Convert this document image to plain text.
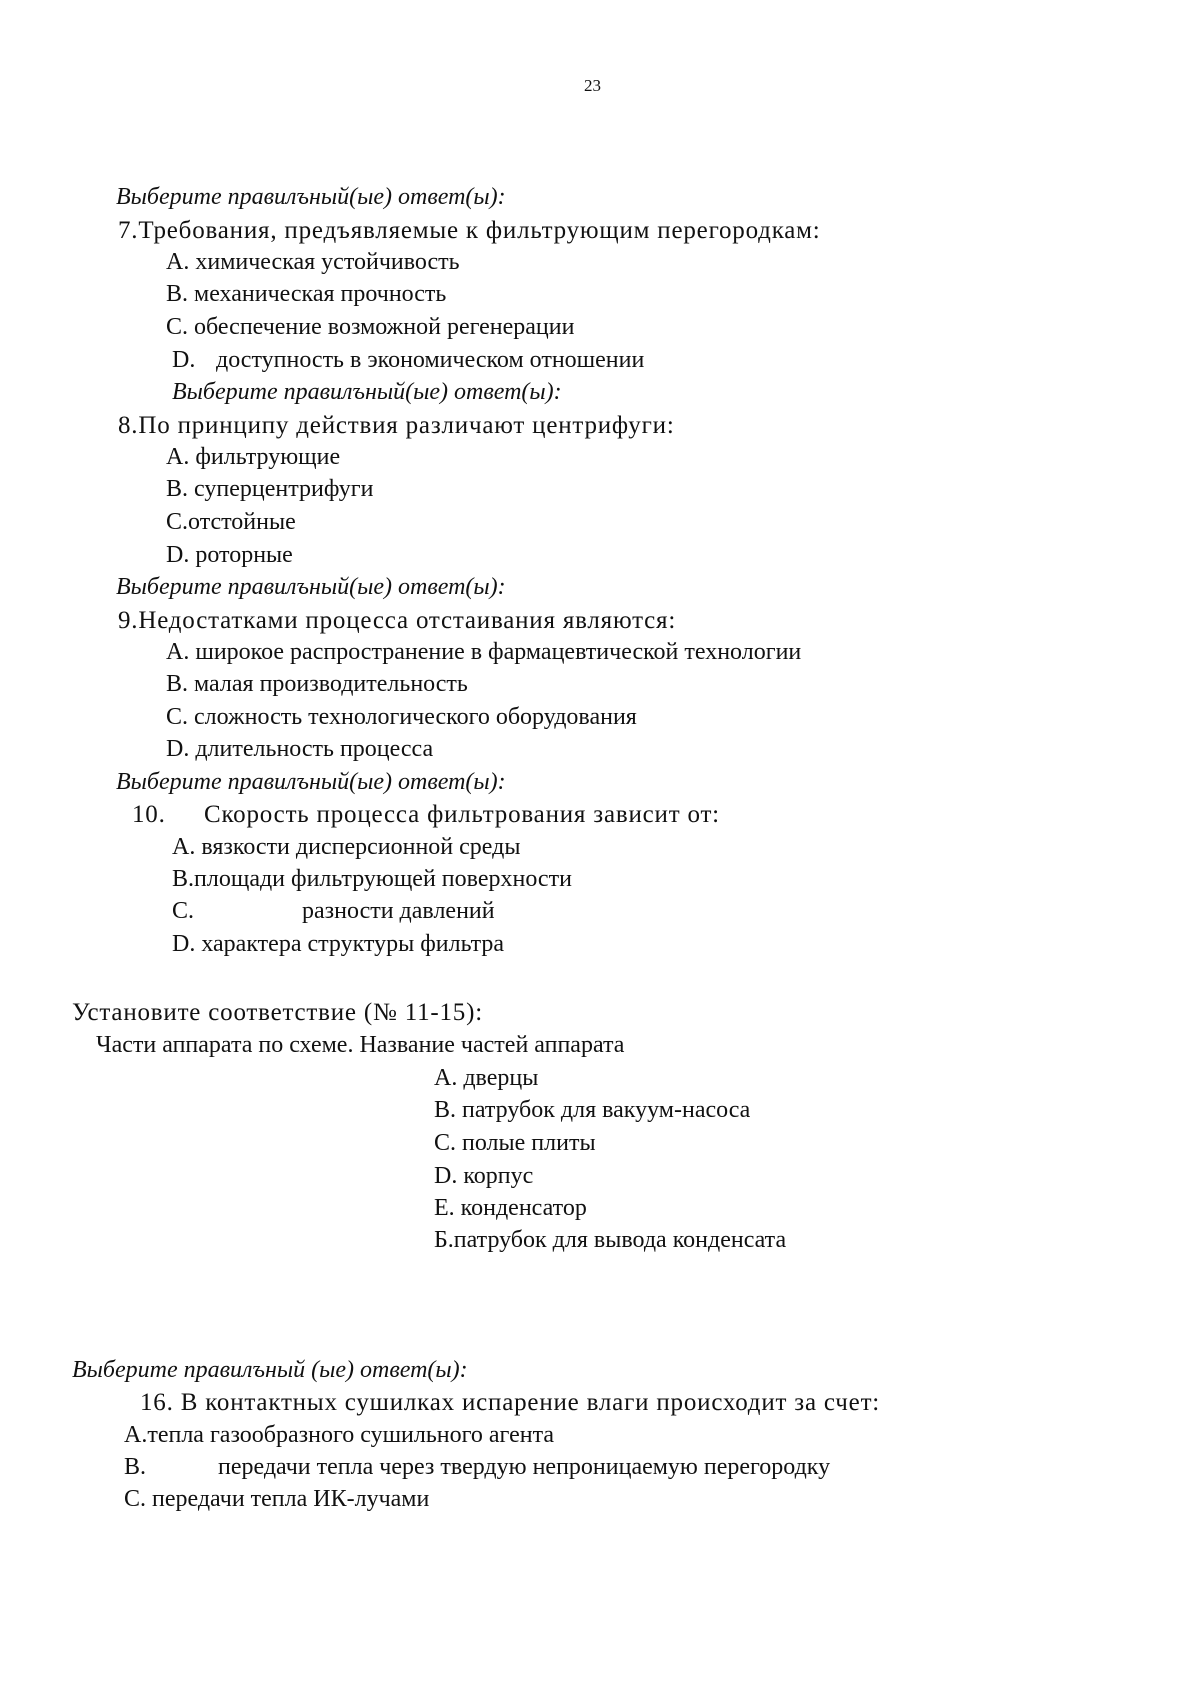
23
Выберите правилъный(ые) ответ(ы):
7.Требования, предъявляемые к фильтрующим перегородкам:
A. химическая устойчивость
B. механическая прочность
C. обеспечение возможной регенерации
D. доступность в экономическом отношении
Выберите правилъный(ые) ответ(ы):
8.По принципу действия различают центрифуги:
A. фильтрующие
B. суперцентрифуги
C.отстойные
D. роторные
Выберите правилъный(ые) ответ(ы):
9.Недостатками процесса отстаивания являются:
A. широкое распространение в фармацевтической технологии
B. малая производительность
C. сложность технологического оборудования
D. длительность процесса
Выберите правилъный(ые) ответ(ы):
10. Скорость процесса фильтрования зависит от:
A. вязкости дисперсионной среды
B.площади фильтрующей поверхности
C.	разности давлений
D. характера структуры фильтра
Установите соответствие (№ 11-15):
Части аппарата по схеме. Название частей аппарата
A. дверцы
B. патрубок для вакуум-насоса
C. полые плиты
D. корпус
E. конденсатор
Б.патрубок для вывода конденсата
Выберите правилъный (ые) ответ(ы):
16. В контактных сушилках испарение влаги происходит за счет:
A.тепла газообразного сушильного агента
B.	передачи тепла через твердую непроницаемую перегородку
C. передачи тепла ИК-лучами
